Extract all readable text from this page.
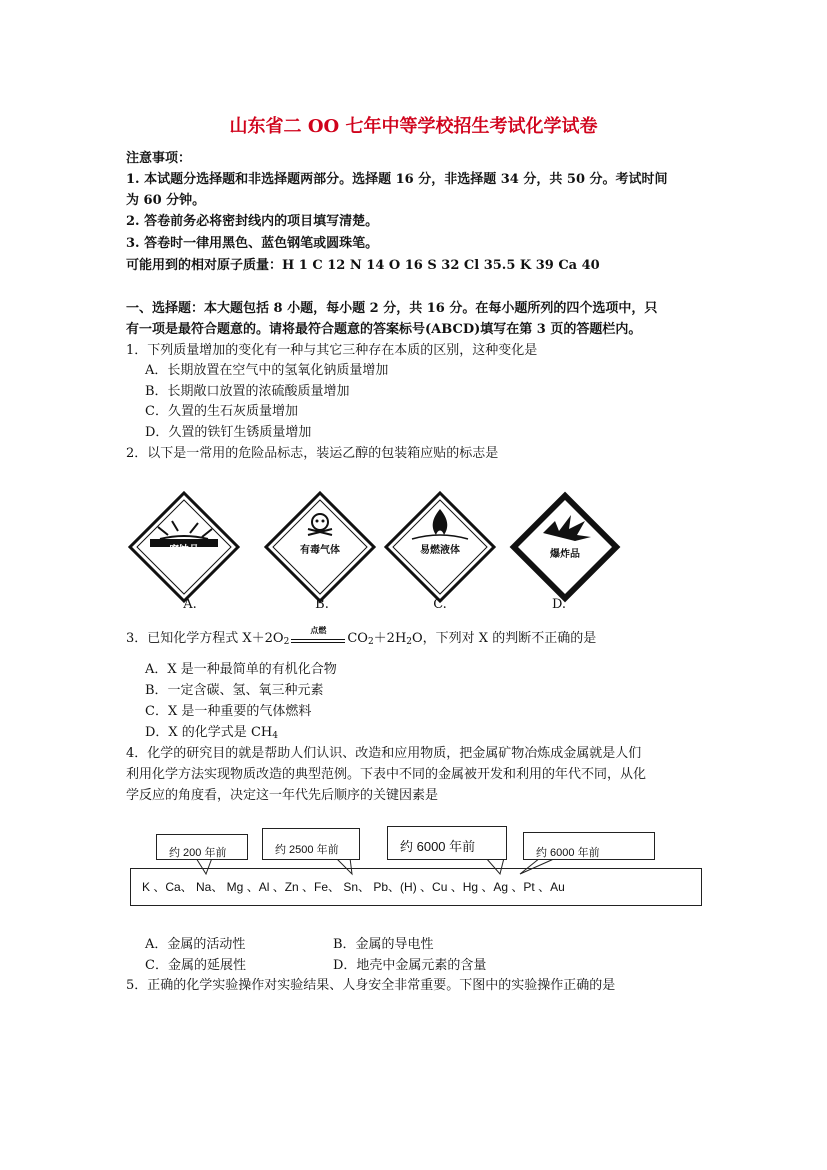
山东省二 OO 七年中等学校招生考试化学试卷
注意事项：
1. 本试题分选择题和非选择题两部分。选择题 16 分，非选择题 34 分，共 50 分。考试时间
为 60 分钟。
2. 答卷前务必将密封线内的项目填写清楚。
3. 答卷时一律用黑色、蓝色钢笔或圆珠笔。
可能用到的相对原子质量：H 1 C 12 N 14 O 16 S 32 Cl 35.5 K 39 Ca 40
一、选择题：本大题包括 8 小题，每小题 2 分，共 16 分。在每小题所列的四个选项中，只
有一项是最符合题意的。请将最符合题意的答案标号(ABCD)填写在第 3 页的答题栏内。
1．下列质量增加的变化有一种与其它三种存在本质的区别，这种变化是
A．长期放置在空气中的氢氧化钠质量增加
B．长期敞口放置的浓硫酸质量增加
C．久置的生石灰质量增加
D．久置的铁钉生锈质量增加
2．以下是一常用的危险品标志，装运乙醇的包装箱应贴的标志是
腐蚀品
A.
有毒气体
B.
易燃液体
C.
爆炸品
D.
3．已知化学方程式 $X+2O_2$
点燃
$CO_2+2H_2O$，下列对 X 的判断不正确的是
A．X 是一种最简单的有机化合物
B．一定含碳、氢、氧三种元素
C．X 是一种重要的气体燃料
D．X 的化学式是 $CH_4$
4．化学的研究目的就是帮助人们认识、改造和应用物质，把金属矿物冶炼成金属就是人们
利用化学方法实现物质改造的典型范例。下表中不同的金属被开发和利用的年代不同，从化
学反应的角度看，决定这一年代先后顺序的关键因素是
约 200 年前	约 2500 年前	约 6000 年前	约 6000 年前
K 、Ca、 Na、 Mg 、Al 、Zn 、Fe、 Sn、 Pb、(H) 、Cu 、Hg 、Ag 、Pt 、Au
A．金属的活动性	B．金属的导电性
C．金属的延展性	D．地壳中金属元素的含量
5．正确的化学实验操作对实验结果、人身安全非常重要。下图中的实验操作正确的是
